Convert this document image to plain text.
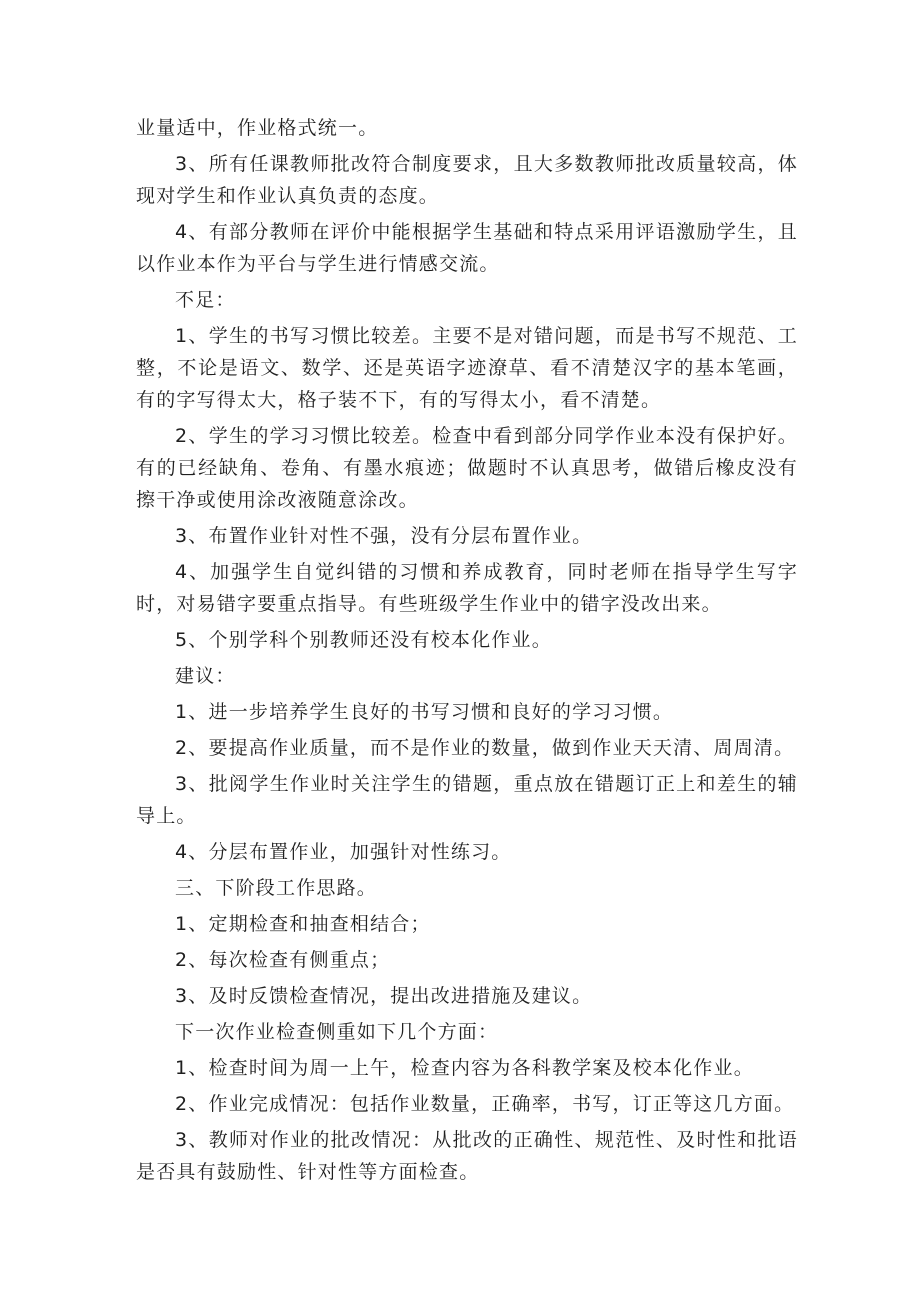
业量适中，作业格式统一。

3、所有任课教师批改符合制度要求，且大多数教师批改质量较高，体现对学生和作业认真负责的态度。

4、有部分教师在评价中能根据学生基础和特点采用评语激励学生，且以作业本作为平台与学生进行情感交流。

不足：

1、学生的书写习惯比较差。主要不是对错问题，而是书写不规范、工整，不论是语文、数学、还是英语字迹潦草、看不清楚汉字的基本笔画，有的字写得太大，格子装不下，有的写得太小，看不清楚。

2、学生的学习习惯比较差。检查中看到部分同学作业本没有保护好。有的已经缺角、卷角、有墨水痕迹；做题时不认真思考，做错后橡皮没有擦干净或使用涂改液随意涂改。

3、布置作业针对性不强，没有分层布置作业。

4、加强学生自觉纠错的习惯和养成教育，同时老师在指导学生写字时，对易错字要重点指导。有些班级学生作业中的错字没改出来。

5、个别学科个别教师还没有校本化作业。

建议：

1、进一步培养学生良好的书写习惯和良好的学习习惯。

2、要提高作业质量，而不是作业的数量，做到作业天天清、周周清。

3、批阅学生作业时关注学生的错题，重点放在错题订正上和差生的辅导上。

4、分层布置作业，加强针对性练习。

三、下阶段工作思路。

1、定期检查和抽查相结合；

2、每次检查有侧重点；

3、及时反馈检查情况，提出改进措施及建议。

下一次作业检查侧重如下几个方面：

1、检查时间为周一上午，检查内容为各科教学案及校本化作业。

2、作业完成情况：包括作业数量，正确率，书写，订正等这几方面。

3、教师对作业的批改情况：从批改的正确性、规范性、及时性和批语是否具有鼓励性、针对性等方面检查。
